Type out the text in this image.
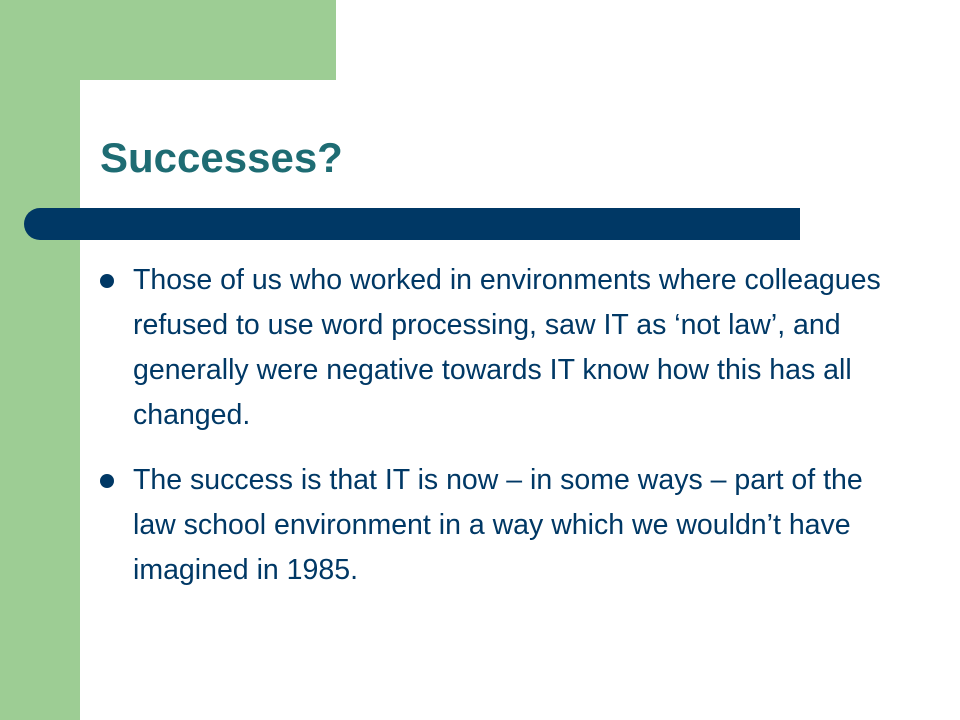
Successes?
Those of us who worked in environments where colleagues refused to use word processing, saw IT as ‘not law’, and generally were negative towards IT know how this has all changed.
The success is that IT is now – in some ways – part of the law school environment in a way which we wouldn’t have imagined in 1985.
